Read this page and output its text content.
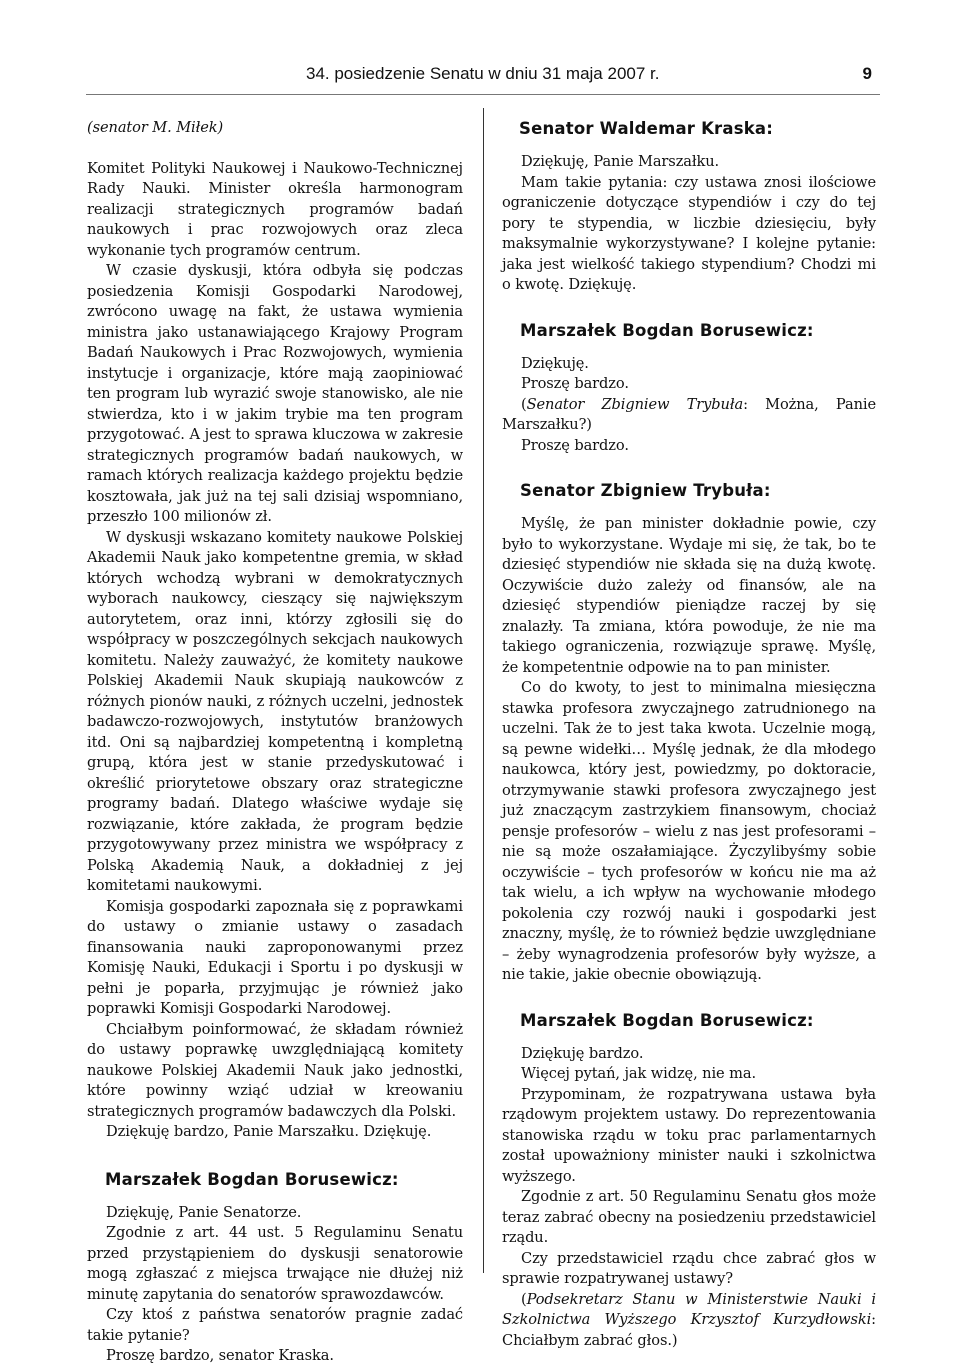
34. posiedzenie Senatu w dniu 31 maja 2007 r.	9

(senator M. Miłek)

Komitet Polityki Naukowej i Naukowo-Technicznej Rady Nauki. Minister określa harmonogram realizacji strategicznych programów badań naukowych i prac rozwojowych oraz zleca wykonanie tych programów centrum.

W czasie dyskusji, która odbyła się podczas posiedzenia Komisji Gospodarki Narodowej, zwrócono uwagę na fakt, że ustawa wymienia ministra jako ustanawiającego Krajowy Program Badań Naukowych i Prac Rozwojowych, wymienia instytucje i organizacje, które mają zaopiniować ten program lub wyrazić swoje stanowisko, ale nie stwierdza, kto i w jakim trybie ma ten program przygotować. A jest to sprawa kluczowa w zakresie strategicznych programów badań naukowych, w ramach których realizacja każdego projektu będzie kosztowała, jak już na tej sali dzisiaj wspomniano, przeszło 100 milionów zł.

W dyskusji wskazano komitety naukowe Polskiej Akademii Nauk jako kompetentne gremia, w skład których wchodzą wybrani w demokratycznych wyborach naukowcy, cieszący się największym autorytetem, oraz inni, którzy zgłosili się do współpracy w poszczególnych sekcjach naukowych komitetu. Należy zauważyć, że komitety naukowe Polskiej Akademii Nauk skupiają naukowców z różnych pionów nauki, z różnych uczelni, jednostek badawczo-rozwojowych, instytutów branżowych itd. Oni są najbardziej kompetentną i kompletną grupą, która jest w stanie przedyskutować i określić priorytetowe obszary oraz strategiczne programy badań. Dlatego właściwe wydaje się rozwiązanie, które zakłada, że program będzie przygotowywany przez ministra we współpracy z Polską Akademią Nauk, a dokładniej z jej komitetami naukowymi.

Komisja gospodarki zapoznała się z poprawkami do ustawy o zmianie ustawy o zasadach finansowania nauki zaproponowanymi przez Komisję Nauki, Edukacji i Sportu i po dyskusji w pełni je poparła, przyjmując je również jako poprawki Komisji Gospodarki Narodowej.

Chciałbym poinformować, że składam również do ustawy poprawkę uwzględniającą komitety naukowe Polskiej Akademii Nauk jako jednostki, które powinny wziąć udział w kreowaniu strategicznych programów badawczych dla Polski.

Dziękuję bardzo, Panie Marszałku. Dziękuję.

Marszałek Bogdan Borusewicz:

Dziękuję, Panie Senatorze.

Zgodnie z art. 44 ust. 5 Regulaminu Senatu przed przystąpieniem do dyskusji senatorowie mogą zgłaszać z miejsca trwające nie dłużej niż minutę zapytania do senatorów sprawozdawców.

Czy ktoś z państwa senatorów pragnie zadać takie pytanie?

Proszę bardzo, senator Kraska.

Senator Waldemar Kraska:

Dziękuję, Panie Marszałku.

Mam takie pytania: czy ustawa znosi ilościowe ograniczenie dotyczące stypendiów i czy do tej pory te stypendia, w liczbie dziesięciu, były maksymalnie wykorzystywane? I kolejne pytanie: jaka jest wielkość takiego stypendium? Chodzi mi o kwotę. Dziękuję.

Marszałek Bogdan Borusewicz:

Dziękuję.

Proszę bardzo.

(Senator Zbigniew Trybuła: Można, Panie Marszałku?)

Proszę bardzo.

Senator Zbigniew Trybuła:

Myślę, że pan minister dokładnie powie, czy było to wykorzystane. Wydaje mi się, że tak, bo te dziesięć stypendiów nie składa się na dużą kwotę. Oczywiście dużo zależy od finansów, ale na dziesięć stypendiów pieniądze raczej by się znalazły. Ta zmiana, która powoduje, że nie ma takiego ograniczenia, rozwiązuje sprawę. Myślę, że kompetentnie odpowie na to pan minister.

Co do kwoty, to jest to minimalna miesięczna stawka profesora zwyczajnego zatrudnionego na uczelni. Tak że to jest taka kwota. Uczelnie mogą, są pewne widełki… Myślę jednak, że dla młodego naukowca, który jest, powiedzmy, po doktoracie, otrzymywanie stawki profesora zwyczajnego jest już znaczącym zastrzykiem finansowym, chociaż pensje profesorów – wielu z nas jest profesorami – nie są może oszałamiające. Życzylibyśmy sobie oczywiście – tych profesorów w końcu nie ma aż tak wielu, a ich wpływ na wychowanie młodego pokolenia czy rozwój nauki i gospodarki jest znaczny, myślę, że to również będzie uwzględniane – żeby wynagrodzenia profesorów były wyższe, a nie takie, jakie obecnie obowiązują.

Marszałek Bogdan Borusewicz:

Dziękuję bardzo.

Więcej pytań, jak widzę, nie ma.

Przypominam, że rozpatrywana ustawa była rządowym projektem ustawy. Do reprezentowania stanowiska rządu w toku prac parlamentarnych został upoważniony minister nauki i szkolnictwa wyższego.

Zgodnie z art. 50 Regulaminu Senatu głos może teraz zabrać obecny na posiedzeniu przedstawiciel rządu.

Czy przedstawiciel rządu chce zabrać głos w sprawie rozpatrywanej ustawy?

(Podsekretarz Stanu w Ministerstwie Nauki i Szkolnictwa Wyższego Krzysztof Kurzydłowski: Chciałbym zabrać głos.)
